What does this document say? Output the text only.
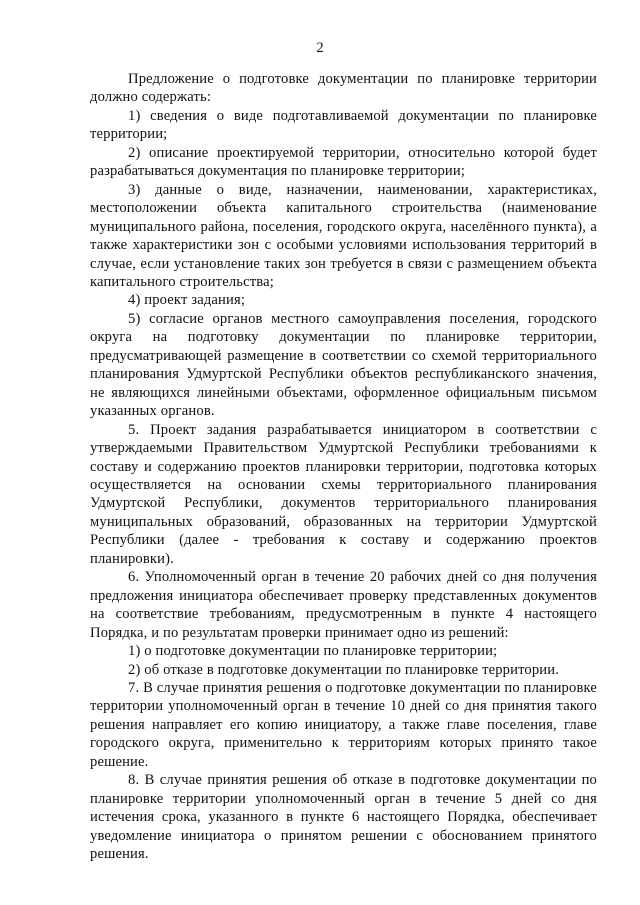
2

Предложение о подготовке документации по планировке территории должно содержать:

1) сведения о виде подготавливаемой документации по планировке территории;

2) описание проектируемой территории, относительно которой будет разрабатываться документация по планировке территории;

3) данные о виде, назначении, наименовании, характеристиках, местоположении объекта капитального строительства (наименование муниципального района, поселения, городского округа, населённого пункта), а также характеристики зон с особыми условиями использования территорий в случае, если установление таких зон требуется в связи с размещением объекта капитального строительства;

4) проект задания;

5) согласие органов местного самоуправления поселения, городского округа на подготовку документации по планировке территории, предусматривающей размещение в соответствии со схемой территориального планирования Удмуртской Республики объектов республиканского значения, не являющихся линейными объектами, оформленное официальным письмом указанных органов.

5. Проект задания разрабатывается инициатором в соответствии с утверждаемыми Правительством Удмуртской Республики требованиями к составу и содержанию проектов планировки территории, подготовка которых осуществляется на основании схемы территориального планирования Удмуртской Республики, документов территориального планирования муниципальных образований, образованных на территории Удмуртской Республики (далее - требования к составу и содержанию проектов планировки).

6. Уполномоченный орган в течение 20 рабочих дней со дня получения предложения инициатора обеспечивает проверку представленных документов на соответствие требованиям, предусмотренным в пункте 4 настоящего Порядка, и по результатам проверки принимает одно из решений:

1) о подготовке документации по планировке территории;

2) об отказе в подготовке документации по планировке территории.

7. В случае принятия решения о подготовке документации по планировке территории уполномоченный орган в течение 10 дней со дня принятия такого решения направляет его копию инициатору, а также главе поселения, главе городского округа, применительно к территориям которых принято такое решение.

8. В случае принятия решения об отказе в подготовке документации по планировке территории уполномоченный орган в течение 5 дней со дня истечения срока, указанного в пункте 6 настоящего Порядка, обеспечивает уведомление инициатора о принятом решении с обоснованием принятого решения.
